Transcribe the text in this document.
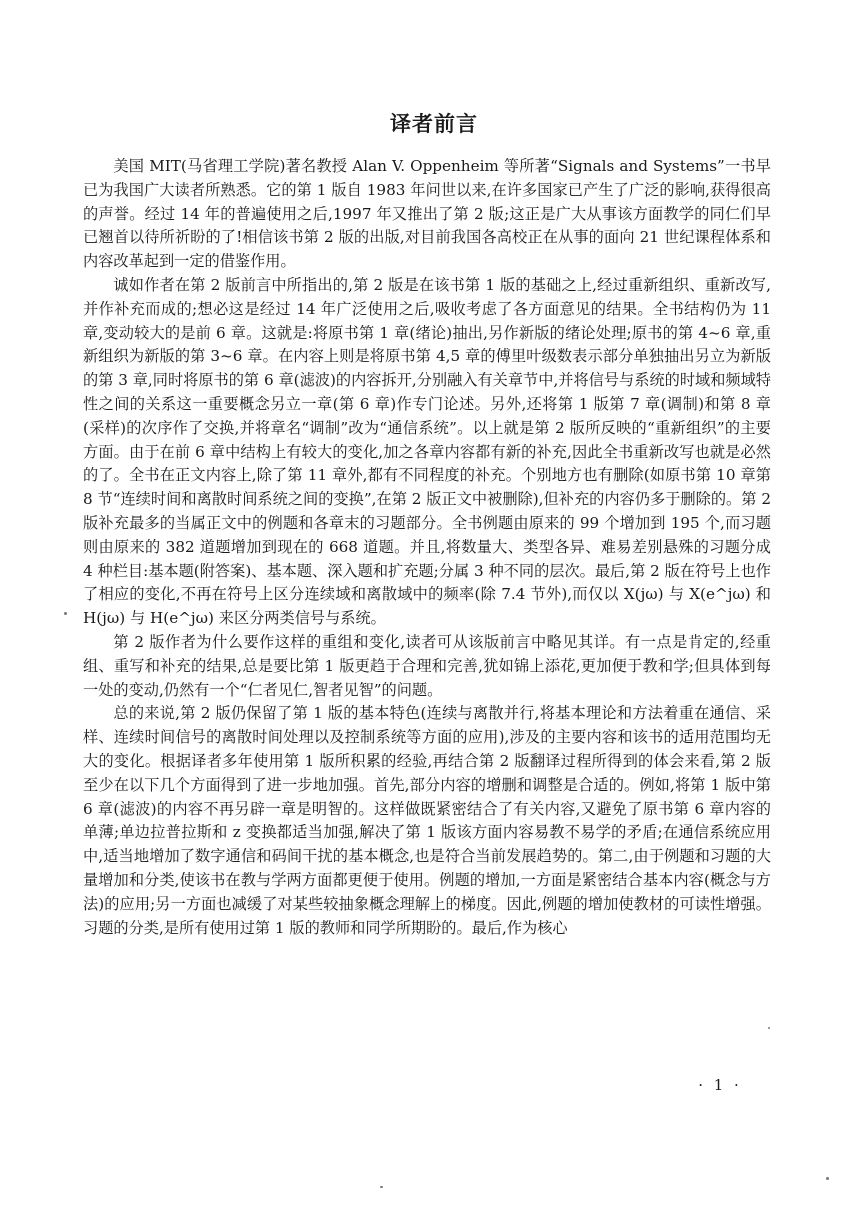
译者前言

美国 MIT(马省理工学院)著名教授 Alan V. Oppenheim 等所著“Signals and Systems”一书早已为我国广大读者所熟悉。它的第 1 版自 1983 年问世以来,在许多国家已产生了广泛的影响,获得很高的声誉。经过 14 年的普遍使用之后,1997 年又推出了第 2 版;这正是广大从事该方面教学的同仁们早已翘首以待所祈盼的了!相信该书第 2 版的出版,对目前我国各高校正在从事的面向 21 世纪课程体系和内容改革起到一定的借鉴作用。

诚如作者在第 2 版前言中所指出的,第 2 版是在该书第 1 版的基础之上,经过重新组织、重新改写,并作补充而成的;想必这是经过 14 年广泛使用之后,吸收考虑了各方面意见的结果。全书结构仍为 11 章,变动较大的是前 6 章。这就是:将原书第 1 章(绪论)抽出,另作新版的绪论处理;原书的第 4~6 章,重新组织为新版的第 3~6 章。在内容上则是将原书第 4,5 章的傅里叶级数表示部分单独抽出另立为新版的第 3 章,同时将原书的第 6 章(滤波)的内容拆开,分别融入有关章节中,并将信号与系统的时域和频域特性之间的关系这一重要概念另立一章(第 6 章)作专门论述。另外,还将第 1 版第 7 章(调制)和第 8 章(采样)的次序作了交换,并将章名“调制”改为“通信系统”。以上就是第 2 版所反映的“重新组织”的主要方面。由于在前 6 章中结构上有较大的变化,加之各章内容都有新的补充,因此全书重新改写也就是必然的了。全书在正文内容上,除了第 11 章外,都有不同程度的补充。个别地方也有删除(如原书第 10 章第 8 节“连续时间和离散时间系统之间的变换”,在第 2 版正文中被删除),但补充的内容仍多于删除的。第 2 版补充最多的当属正文中的例题和各章末的习题部分。全书例题由原来的 99 个增加到 195 个,而习题则由原来的 382 道题增加到现在的 668 道题。并且,将数量大、类型各异、难易差别悬殊的习题分成 4 种栏目:基本题(附答案)、基本题、深入题和扩充题;分属 3 种不同的层次。最后,第 2 版在符号上也作了相应的变化,不再在符号上区分连续域和离散域中的频率(除 7.4 节外),而仅以 X(jω) 与 X(e^jω) 和 H(jω) 与 H(e^jω) 来区分两类信号与系统。

第 2 版作者为什么要作这样的重组和变化,读者可从该版前言中略见其详。有一点是肯定的,经重组、重写和补充的结果,总是要比第 1 版更趋于合理和完善,犹如锦上添花,更加便于教和学;但具体到每一处的变动,仍然有一个“仁者见仁,智者见智”的问题。

总的来说,第 2 版仍保留了第 1 版的基本特色(连续与离散并行,将基本理论和方法着重在通信、采样、连续时间信号的离散时间处理以及控制系统等方面的应用),涉及的主要内容和该书的适用范围均无大的变化。根据译者多年使用第 1 版所积累的经验,再结合第 2 版翻译过程所得到的体会来看,第 2 版至少在以下几个方面得到了进一步地加强。首先,部分内容的增删和调整是合适的。例如,将第 1 版中第 6 章(滤波)的内容不再另辟一章是明智的。这样做既紧密结合了有关内容,又避免了原书第 6 章内容的单薄;单边拉普拉斯和 z 变换都适当加强,解决了第 1 版该方面内容易教不易学的矛盾;在通信系统应用中,适当地增加了数字通信和码间干扰的基本概念,也是符合当前发展趋势的。第二,由于例题和习题的大量增加和分类,使该书在教与学两方面都更便于使用。例题的增加,一方面是紧密结合基本内容(概念与方法)的应用;另一方面也减缓了对某些较抽象概念理解上的梯度。因此,例题的增加使教材的可读性增强。习题的分类,是所有使用过第 1 版的教师和同学所期盼的。最后,作为核心

· 1 ·
